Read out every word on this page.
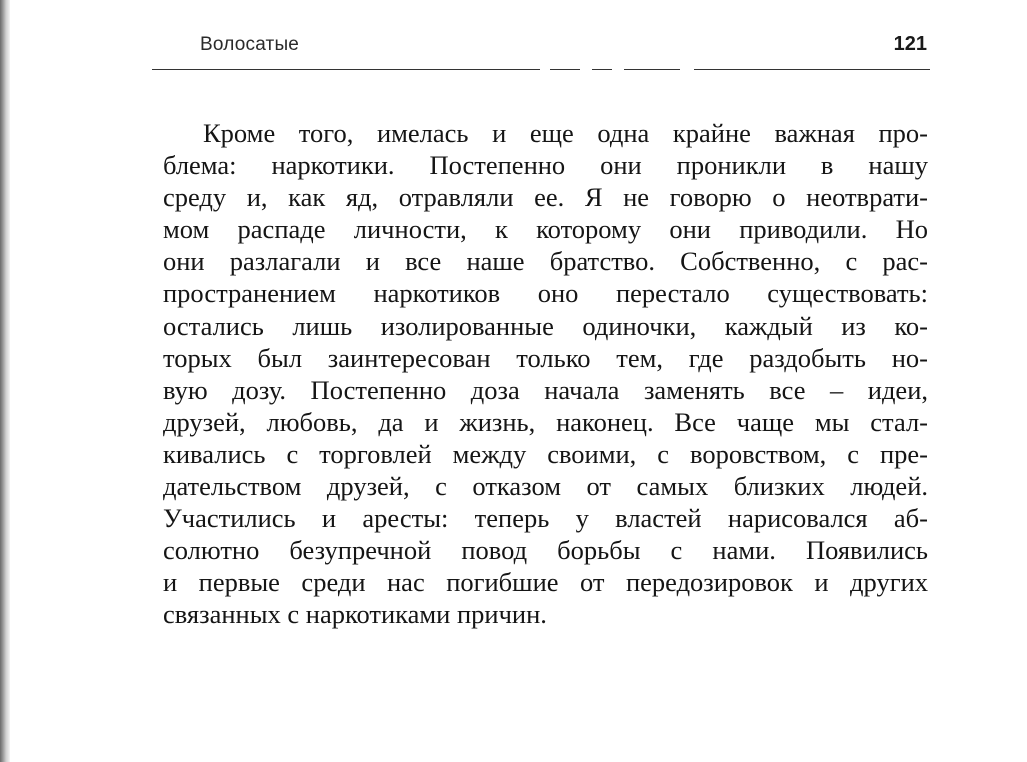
Волосатые	121
Кроме того, имелась и еще одна крайне важная про-
блема: наркотики. Постепенно они проникли в нашу
среду и, как яд, отравляли ее. Я не говорю о неотврати-
мом распаде личности, к которому они приводили. Но
они разлагали и все наше братство. Собственно, с рас-
пространением наркотиков оно перестало существовать:
остались лишь изолированные одиночки, каждый из ко-
торых был заинтересован только тем, где раздобыть но-
вую дозу. Постепенно доза начала заменять все – идеи,
друзей, любовь, да и жизнь, наконец. Все чаще мы стал-
кивались с торговлей между своими, с воровством, с пре-
дательством друзей, с отказом от самых близких людей.
Участились и аресты: теперь у властей нарисовался аб-
солютно безупречной повод борьбы с нами. Появились
и первые среди нас погибшие от передозировок и других
связанных с наркотиками причин.
